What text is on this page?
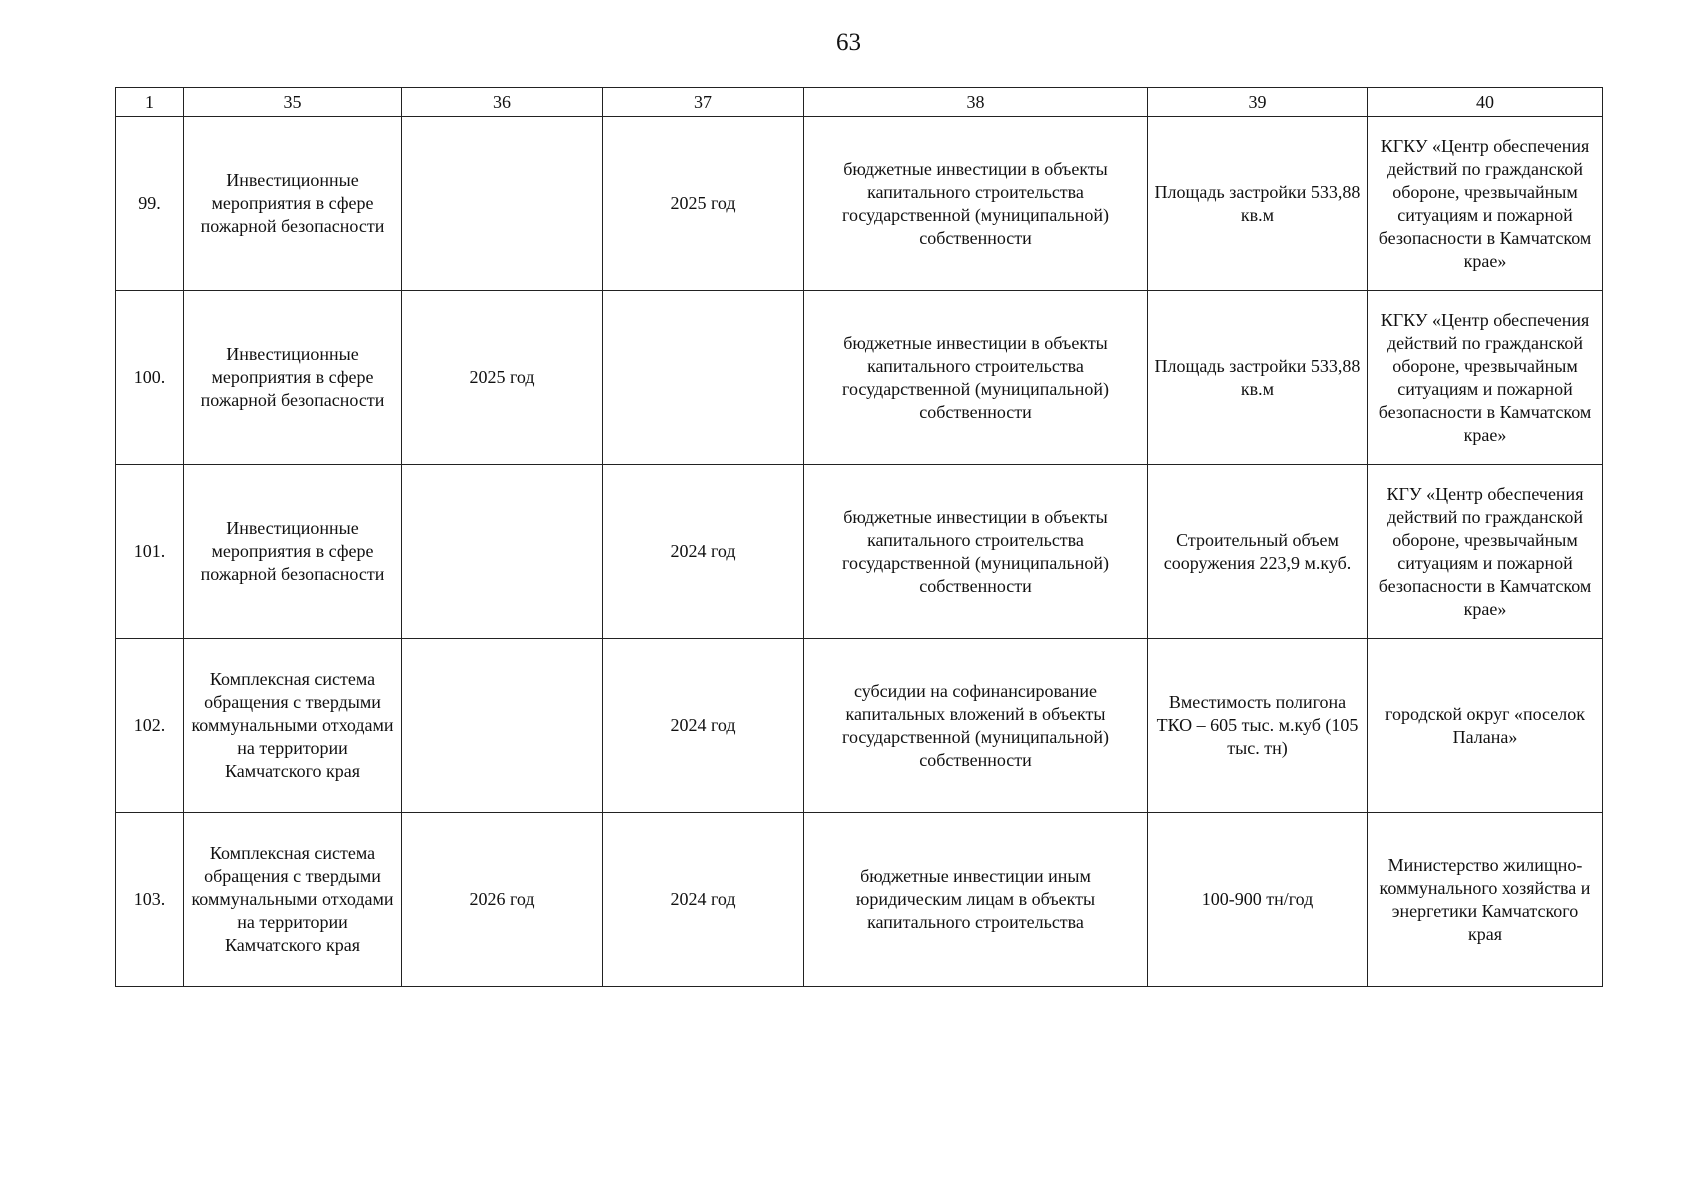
63
1	35	36	37	38	39	40
99.	Инвестиционные мероприятия в сфере пожарной безопасности		2025 год	бюджетные инвестиции в объекты капитального строительства государственной (муниципальной) собственности	Площадь застройки 533,88 кв.м	КГКУ «Центр обеспечения действий по гражданской обороне, чрезвычайным ситуациям и пожарной безопасности в Камчатском крае»
100.	Инвестиционные мероприятия в сфере пожарной безопасности	2025 год		бюджетные инвестиции в объекты капитального строительства государственной (муниципальной) собственности	Площадь застройки 533,88 кв.м	КГКУ «Центр обеспечения действий по гражданской обороне, чрезвычайным ситуациям и пожарной безопасности в Камчатском крае»
101.	Инвестиционные мероприятия в сфере пожарной безопасности		2024 год	бюджетные инвестиции в объекты капитального строительства государственной (муниципальной) собственности	Строительный объем сооружения 223,9 м.куб.	КГУ «Центр обеспечения действий по гражданской обороне, чрезвычайным ситуациям и пожарной безопасности в Камчатском крае»
102.	Комплексная система обращения с твердыми коммунальными отходами на территории Камчатского края		2024 год	субсидии на софинансирование капитальных вложений в объекты государственной (муниципальной) собственности	Вместимость полигона ТКО – 605 тыс. м.куб (105 тыс. тн)	городской округ «поселок Палана»
103.	Комплексная система обращения с твердыми коммунальными отходами на территории Камчатского края	2026 год	2024 год	бюджетные инвестиции иным юридическим лицам в объекты капитального строительства	100-900 тн/год	Министерство жилищно-коммунального хозяйства и энергетики Камчатского края
